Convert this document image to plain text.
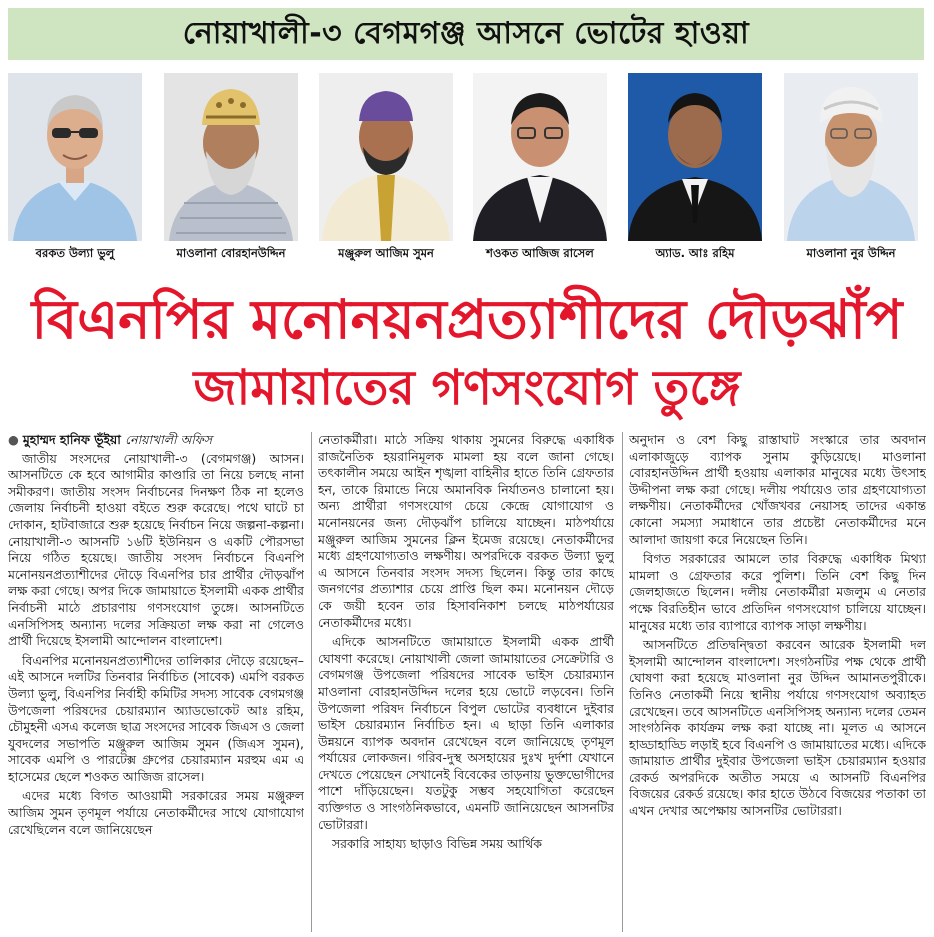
নোয়াখালী-৩ বেগমগঞ্জ আসনে ভোটের হাওয়া
বরকত উল্যা ভুলু	মাওলানা বোরহানউদ্দিন	মঞ্জুরুল আজিম সুমন	শওকত আজিজ রাসেল	অ্যাড. আঃ রহিম	মাওলানা নুর উদ্দিন
বিএনপির মনোনয়নপ্রত্যাশীদের দৌড়ঝাঁপ
জামায়াতের গণসংযোগ তুঙ্গে
● মুহাম্মদ হানিফ ভূঁইয়া নোয়াখালী অফিস

জাতীয় সংসদের নোয়াখালী-৩ (বেগমগঞ্জ) আসন। আসনটিতে কে হবে আগামীর কাণ্ডারি তা নিয়ে চলছে নানা সমীকরণ। জাতীয় সংসদ নির্বাচনের দিনক্ষণ ঠিক না হলেও জেলায় নির্বাচনী হাওয়া বইতে শুরু করেছে। পথে ঘাটে চা দোকান, হাটবাজারে শুরু হয়েছে নির্বাচন নিয়ে জল্পনা-কল্পনা। নোয়াখালী-৩ আসনটি ১৬টি ইউনিয়ন ও একটি পৌরসভা নিয়ে গঠিত হয়েছে। জাতীয় সংসদ নির্বাচনে বিএনপি মনোনয়নপ্রত্যাশীদের দৌড়ে বিএনপির চার প্রার্থীর দৌড়ঝাঁপ লক্ষ করা গেছে। অপর দিকে জামায়াতে ইসলামী একক প্রার্থীর নির্বাচনী মাঠে প্রচারণায় গণসংযোগ তুঙ্গে। আসনটিতে এনসিপিসহ অন্যান্য দলের সক্রিয়তা লক্ষ করা না গেলেও প্রার্থী দিয়েছে ইসলামী আন্দোলন বাংলাদেশ।

বিএনপির মনোনয়নপ্রত্যাশীদের তালিকার দৌড়ে রয়েছেন– এই আসনে দলটির তিনবার নির্বাচিত (সাবেক) এমপি বরকত উল্যা ভুলু, বিএনপির নির্বাহী কমিটির সদস্য সাবেক বেগমগঞ্জ উপজেলা পরিষদের চেয়ারম্যান অ্যাডভোকেট আঃ রহিম, চৌমুহনী এসএ কলেজ ছাত্র সংসদের সাবেক জিএস ও জেলা যুবদলের সভাপতি মঞ্জুরুল আজিম সুমন (জিএস সুমন), সাবেক এমপি ও পারটেক্স গ্রুপের চেয়ারম্যান মরহুম এম এ হাসেমের ছেলে শওকত আজিজ রাসেল।

এদের মধ্যে বিগত আওয়ামী সরকারের সময় মঞ্জুরুল আজিম সুমন তৃণমূল পর্যায়ে নেতাকর্মীদের সাথে যোগাযোগ রেখেছিলেন বলে জানিয়েছেন

নেতাকর্মীরা। মাঠে সক্রিয় থাকায় সুমনের বিরুদ্ধে একাধিক রাজনৈতিক হয়রানিমূলক মামলা হয় বলে জানা গেছে। তৎকালীন সময়ে আইন শৃঙ্খলা বাহিনীর হাতে তিনি গ্রেফতার হন, তাকে রিমান্ডে নিয়ে অমানবিক নির্যাতনও চালানো হয়। অন্য প্রার্থীরা গণসংযোগ চেয়ে কেন্দ্রে যোগাযোগ ও মনোনয়নের জন্য দৌড়ঝাঁপ চালিয়ে যাচ্ছেন। মাঠপর্যায়ে মঞ্জুরুল আজিম সুমনের ক্লিন ইমেজ রয়েছে। নেতাকর্মীদের মধ্যে গ্রহণযোগ্যতাও লক্ষণীয়। অপরদিকে বরকত উল্যা ভুলু এ আসনে তিনবার সংসদ সদস্য ছিলেন। কিন্তু তার কাছে জনগণের প্রত্যাশার চেয়ে প্রাপ্তি ছিল কম। মনোনয়ন দৌড়ে কে জয়ী হবেন তার হিসাবনিকাশ চলছে মাঠপর্যায়ের নেতাকর্মীদের মধ্যে।

এদিকে আসনটিতে জামায়াতে ইসলামী একক প্রার্থী ঘোষণা করেছে। নোয়াখালী জেলা জামায়াতের সেক্রেটারি ও বেগমগঞ্জ উপজেলা পরিষদের সাবেক ভাইস চেয়ারম্যান মাওলানা বোরহানউদ্দিন দলের হয়ে ভোটে লড়বেন। তিনি উপজেলা পরিষদ নির্বাচনে বিপুল ভোটের ব্যবধানে দুইবার ভাইস চেয়ারম্যান নির্বাচিত হন। এ ছাড়া তিনি এলাকার উন্নয়নে ব্যাপক অবদান রেখেছেন বলে জানিয়েছে তৃণমূল পর্যায়ের লোকজন। গরিব-দুস্থ অসহায়ের দুঃখ দুর্দশা যেখানে দেখতে পেয়েছেন সেখানেই বিবেকের তাড়নায় ভুক্তভোগীদের পাশে দাঁড়িয়েছেন। যতটুকু সম্ভব সহযোগিতা করেছেন ব্যক্তিগত ও সাংগঠনিকভাবে, এমনটি জানিয়েছেন আসনটির ভোটাররা।

সরকারি সাহায্য ছাড়াও বিভিন্ন সময় আর্থিক

অনুদান ও বেশ কিছু রাস্তাঘাট সংস্কারে তার অবদান এলাকাজুড়ে ব্যাপক সুনাম কুড়িয়েছে। মাওলানা বোরহানউদ্দিন প্রার্থী হওয়ায় এলাকার মানুষের মধ্যে উৎসাহ উদ্দীপনা লক্ষ করা গেছে। দলীয় পর্যায়েও তার গ্রহণযোগ্যতা লক্ষণীয়। নেতাকর্মীদের খোঁজখবর নেয়াসহ তাদের একান্ত কোনো সমস্যা সমাধানে তার প্রচেষ্টা নেতাকর্মীদের মনে আলাদা জায়গা করে নিয়েছেন তিনি।

বিগত সরকারের আমলে তার বিরুদ্ধে একাধিক মিথ্যা মামলা ও গ্রেফতার করে পুলিশ। তিনি বেশ কিছু দিন জেলহাজতে ছিলেন। দলীয় নেতাকর্মীরা মজলুম এ নেতার পক্ষে বিরতিহীন ভাবে প্রতিদিন গণসংযোগ চালিয়ে যাচ্ছেন। মানুষের মধ্যে তার ব্যাপারে ব্যাপক সাড়া লক্ষণীয়।

আসনটিতে প্রতিদ্বন্দ্বিতা করবেন আরেক ইসলামী দল ইসলামী আন্দোলন বাংলাদেশ। সংগঠনটির পক্ষ থেকে প্রার্থী ঘোষণা করা হয়েছে মাওলানা নুর উদ্দিন আমানতপুরীকে। তিনিও নেতাকর্মী নিয়ে স্থানীয় পর্যায়ে গণসংযোগ অব্যাহত রেখেছেন। তবে আসনটিতে এনসিপিসহ অন্যান্য দলের তেমন সাংগঠনিক কার্যক্রম লক্ষ করা যাচ্ছে না। মূলত এ আসনে হাড্ডাহাড্ডি লড়াই হবে বিএনপি ও জামায়াতের মধ্যে। এদিকে জামায়াত প্রার্থীর দুইবার উপজেলা ভাইস চেয়ারম্যান হওয়ার রেকর্ড অপরদিকে অতীত সময়ে এ আসনটি বিএনপির বিজয়ের রেকর্ড রয়েছে। কার হাতে উঠবে বিজয়ের পতাকা তা এখন দেখার অপেক্ষায় আসনটির ভোটাররা।
